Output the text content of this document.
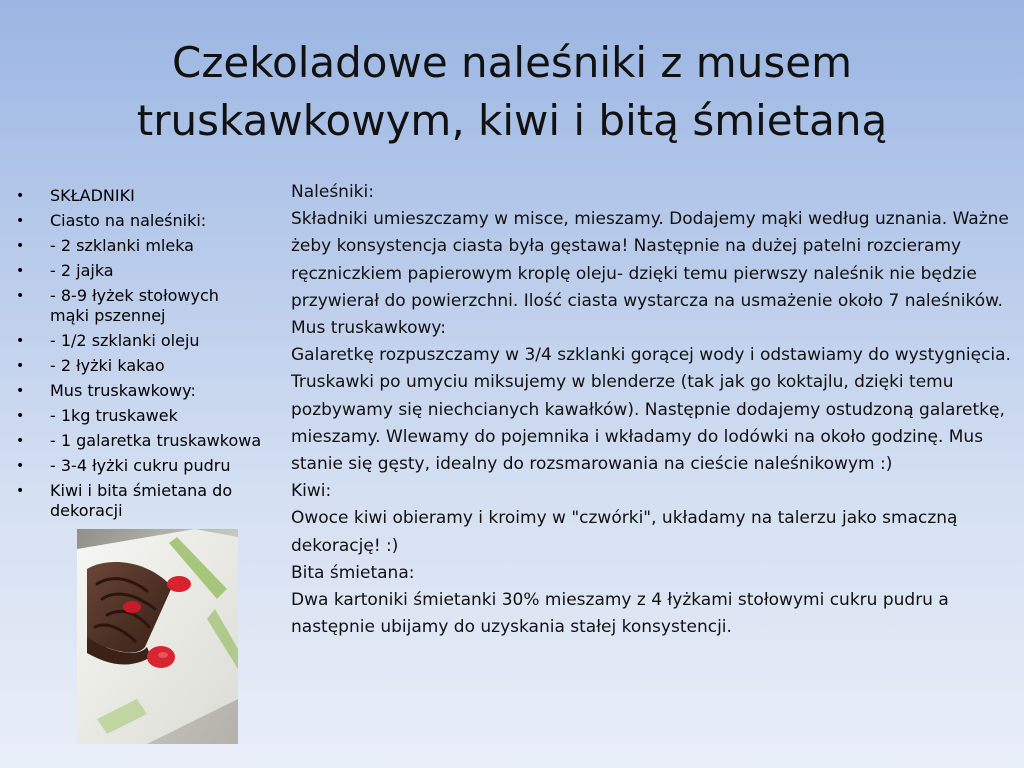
Czekoladowe naleśniki z musem
truskawkowym, kiwi i bitą śmietaną
• SKŁADNIKI
• Ciasto na naleśniki:
• - 2 szklanki mleka
• - 2 jajka
• - 8-9 łyżek stołowych
mąki pszennej
• - 1/2 szklanki oleju
• - 2 łyżki kakao
• Mus truskawkowy:
• - 1kg truskawek
• - 1 galaretka truskawkowa
• - 3-4 łyżki cukru pudru
• Kiwi i bita śmietana do
dekoracji

Naleśniki:

Składniki umieszczamy w misce, mieszamy. Dodajemy mąki według uznania. Ważne żeby konsystencja ciasta była gęstawa! Następnie na dużej patelni rozcieramy ręczniczkiem papierowym kroplę oleju- dzięki temu pierwszy naleśnik nie będzie przywierał do powierzchni. Ilość ciasta wystarcza na usmażenie około 7 naleśników.

Mus truskawkowy:

Galaretkę rozpuszczamy w 3/4 szklanki gorącej wody i odstawiamy do wystygnięcia. Truskawki po umyciu miksujemy w blenderze (tak jak go koktajlu, dzięki temu pozbywamy się niechcianych kawałków). Następnie dodajemy ostudzoną galaretkę, mieszamy. Wlewamy do pojemnika i wkładamy do lodówki na około godzinę. Mus stanie się gęsty, idealny do rozsmarowania na cieście naleśnikowym :)

Kiwi:

Owoce kiwi obieramy i kroimy w "czwórki", układamy na talerzu jako smaczną dekorację! :)

Bita śmietana:

Dwa kartoniki śmietanki 30% mieszamy z 4 łyżkami stołowymi cukru pudru a następnie ubijamy do uzyskania stałej konsystencji.
